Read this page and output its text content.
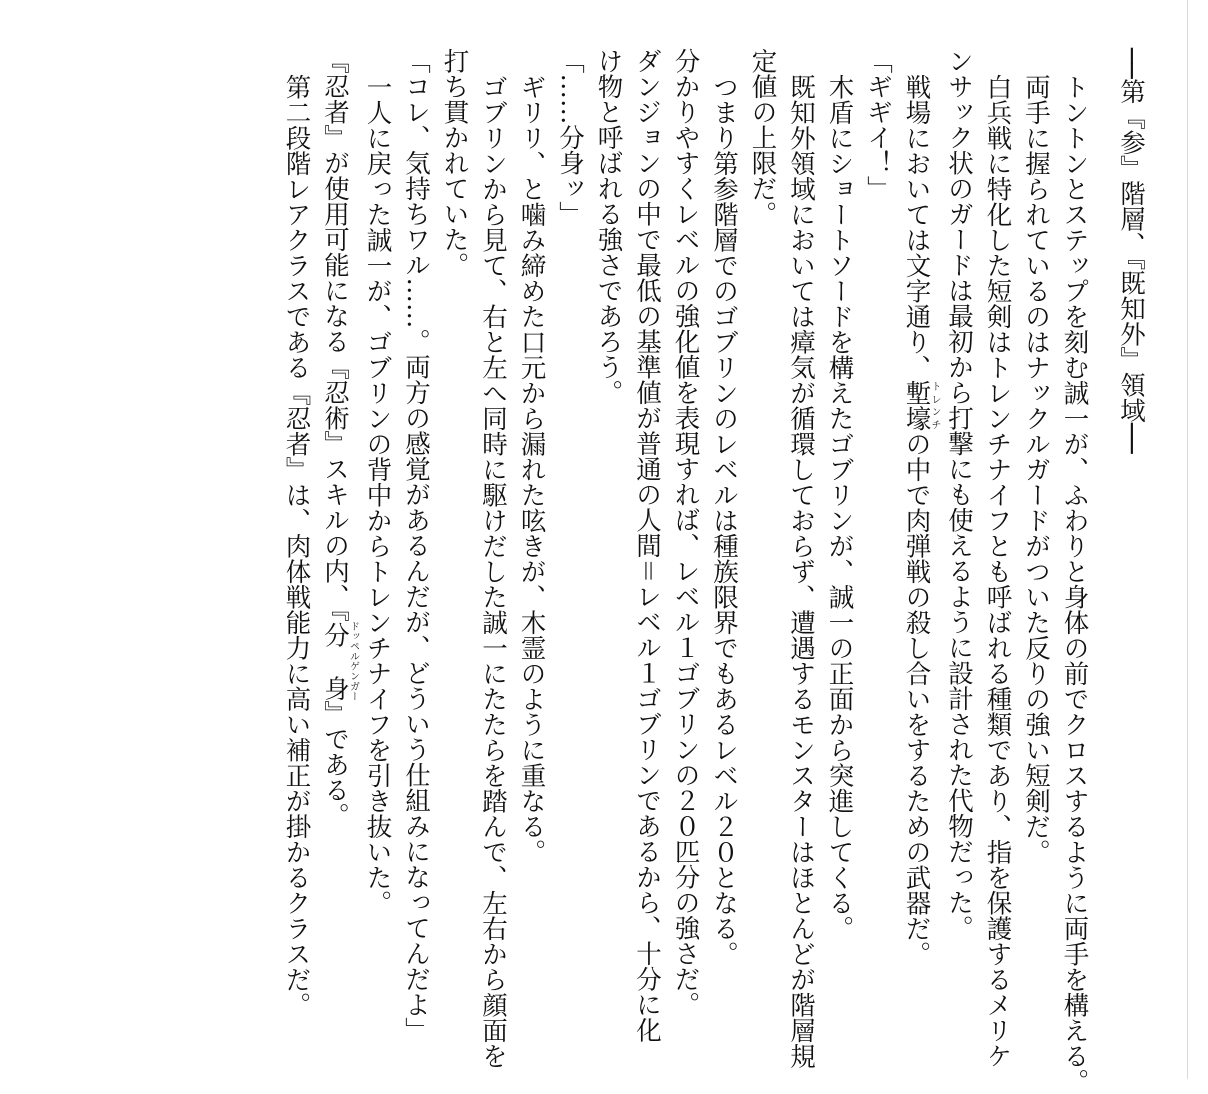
──第『参』階層、『既知外』領域──

トントンとステップを刻む誠一が、ふわりと身体の前でクロスするように両手を構える。

両手に握られているのはナックルガードがついた反りの強い短剣だ。

白兵戦に特化した短剣はトレンチナイフとも呼ばれる種類であり、指を保護するメリケ

ンサック状のガードは最初から打撃にも使えるように設計された代物だった。

戦場においては文字通り、塹壕トレンチの中で肉弾戦の殺し合いをするための武器だ。

「ギギイ！」

木盾にショートソードを構えたゴブリンが、誠一の正面から突進してくる。

既知外領域においては瘴気が循環しておらず、遭遇するモンスターはほとんどが階層規

定値の上限だ。

つまり第参階層でのゴブリンのレベルは種族限界でもあるレベル２０となる。

分かりやすくレベルの強化値を表現すれば、レベル１ゴブリンの２０匹分の強さだ。

ダンジョンの中で最低の基準値が普通の人間＝レベル１ゴブリンであるから、十分に化

け物と呼ばれる強さであろう。

「……分身ッ」

ギリリ、と噛み締めた口元から漏れた呟きが、木霊のように重なる。

ゴブリンから見て、右と左へ同時に駆けだした誠一にたたらを踏んで、左右から顔面を

打ち貫かれていた。

「コレ、気持ちワル……。両方の感覚があるんだが、どういう仕組みになってんだよ」

一人に戻った誠一が、ゴブリンの背中からトレンチナイフを引き抜いた。

『忍者』が使用可能になる『忍術』スキルの内、『分　身ドッペルゲンガー』である。

第二段階レアクラスである『忍者』は、肉体戦能力に高い補正が掛かるクラスだ。
